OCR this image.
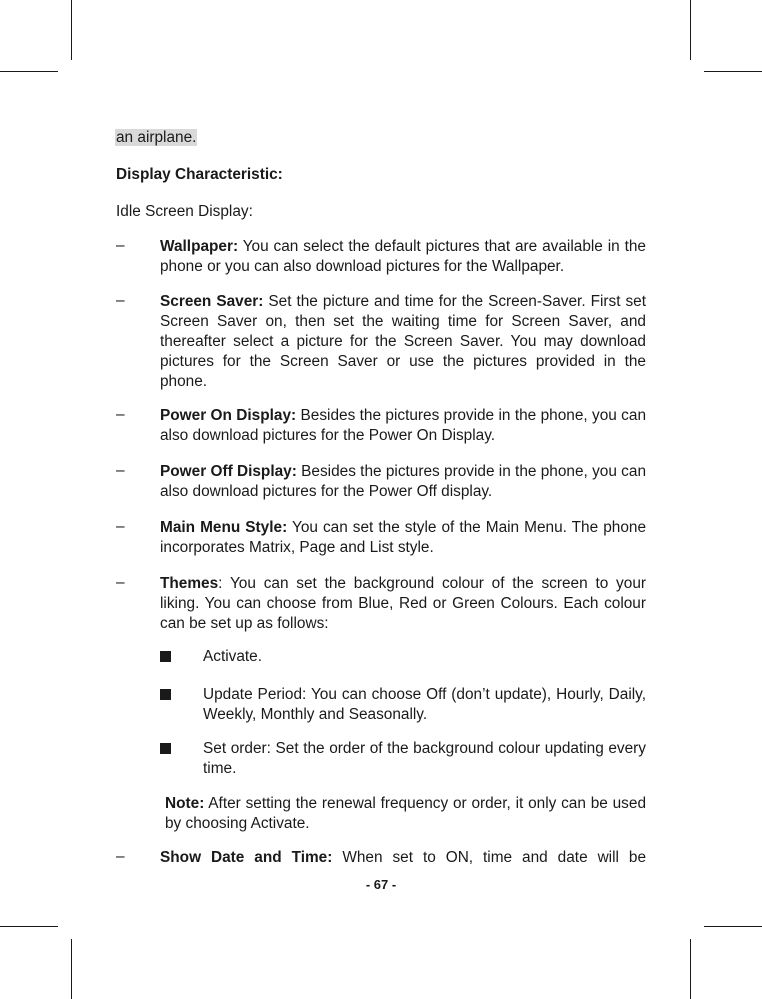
an airplane.
Display Characteristic:
Idle Screen Display:
– Wallpaper: You can select the default pictures that are available in the phone or you can also download pictures for the Wallpaper.
– Screen Saver: Set the picture and time for the Screen-Saver. First set Screen Saver on, then set the waiting time for Screen Saver, and thereafter select a picture for the Screen Saver. You may download pictures for the Screen Saver or use the pictures provided in the phone.
– Power On Display: Besides the pictures provide in the phone, you can also download pictures for the Power On Display.
– Power Off Display: Besides the pictures provide in the phone, you can also download pictures for the Power Off display.
– Main Menu Style: You can set the style of the Main Menu. The phone incorporates Matrix, Page and List style.
– Themes: You can set the background colour of the screen to your liking. You can choose from Blue, Red or Green Colours. Each colour can be set up as follows:
Activate.
Update Period: You can choose Off (don’t update), Hourly, Daily, Weekly, Monthly and Seasonally.
Set order: Set the order of the background colour updating every time.
Note: After setting the renewal frequency or order, it only can be used by choosing Activate.
– Show Date and Time: When set to ON, time and date will be
- 67 -
